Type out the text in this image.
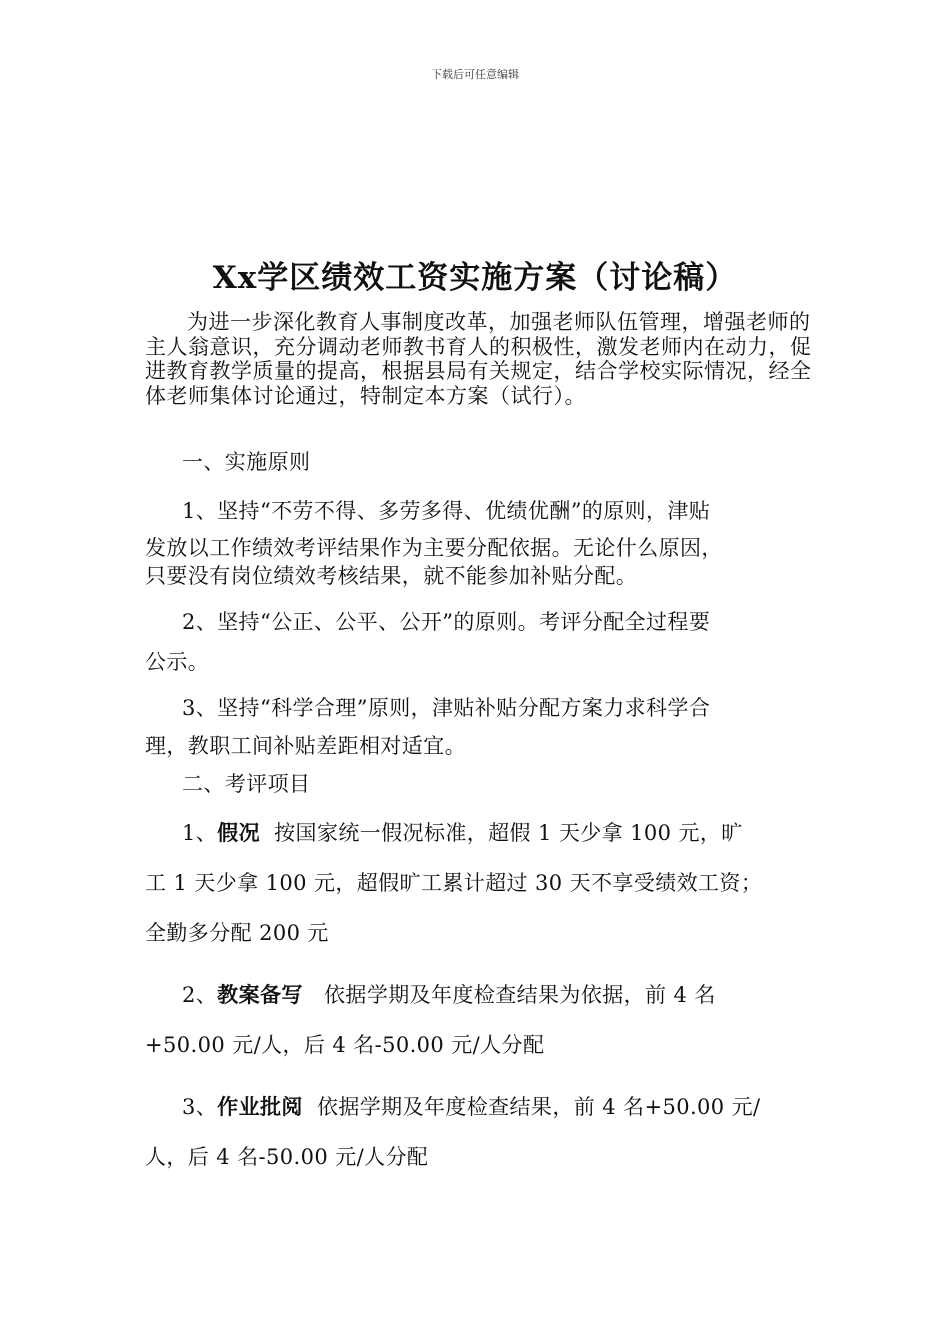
下载后可任意编辑
Xx学区绩效工资实施方案（讨论稿）
为进一步深化教育人事制度改革，加强老师队伍管理，增强老师的主人翁意识，充分调动老师教书育人的积极性，激发老师内在动力，促进教育教学质量的提高，根据县局有关规定，结合学校实际情况，经全体老师集体讨论通过，特制定本方案（试行）。
一、实施原则
1、坚持“不劳不得、多劳多得、优绩优酬”的原则，津贴
发放以工作绩效考评结果作为主要分配依据。无论什么原因，
只要没有岗位绩效考核结果，就不能参加补贴分配。
2、坚持“公正、公平、公开”的原则。考评分配全过程要
公示。
3、坚持“科学合理”原则，津贴补贴分配方案力求科学合
理，教职工间补贴差距相对适宜。
二、考评项目
1、假况 按国家统一假况标准，超假 1 天少拿 100 元，旷
工 1 天少拿 100 元，超假旷工累计超过 30 天不享受绩效工资；
全勤多分配 200 元
2、教案备写 依据学期及年度检查结果为依据，前 4 名
+50.00 元/人，后 4 名-50.00 元/人分配
3、作业批阅 依据学期及年度检查结果，前 4 名+50.00 元/
人，后 4 名-50.00 元/人分配
